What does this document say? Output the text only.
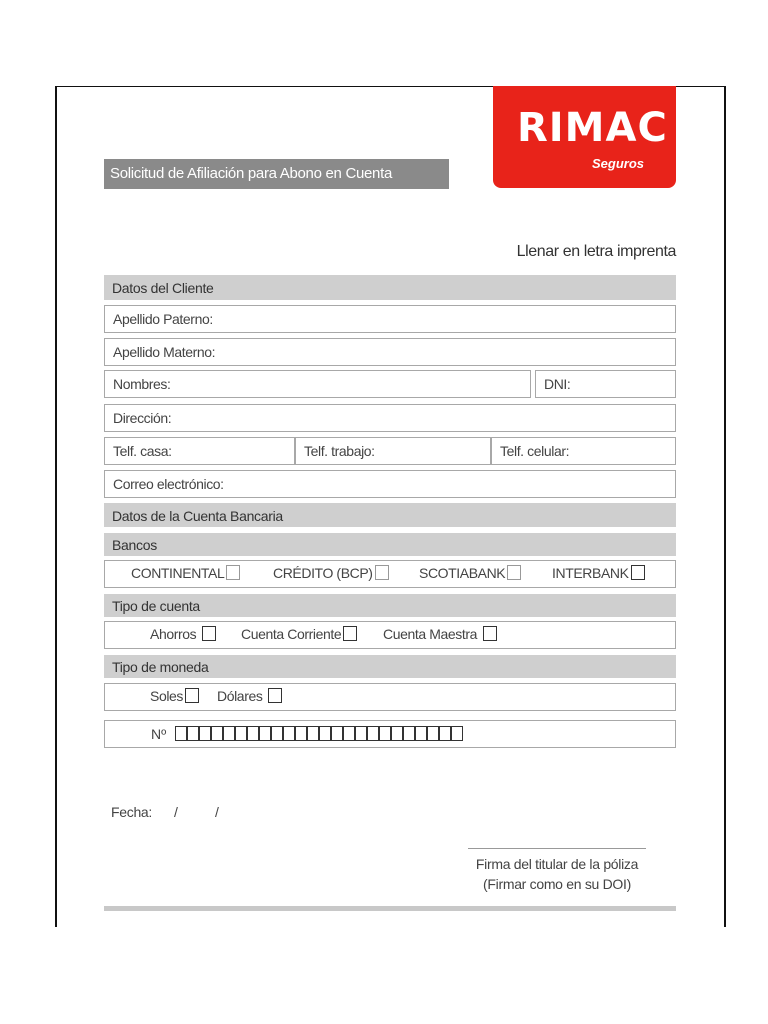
RIMAC
Seguros
Solicitud de Afiliación para Abono en Cuenta
Llenar en letra imprenta
Datos del Cliente
Apellido Paterno:
Apellido Materno:
Nombres:	DNI:
Dirección:
Telf. casa:	Telf. trabajo:	Telf. celular:
Correo electrónico:
Datos de la Cuenta Bancaria
Bancos
CONTINENTAL	CRÉDITO (BCP)	SCOTIABANK	INTERBANK
Tipo de cuenta
Ahorros	Cuenta Corriente	Cuenta Maestra
Tipo de moneda
Soles	Dólares
Nº
Fecha: /	/
Firma del titular de la póliza
(Firmar como en su DOI)
